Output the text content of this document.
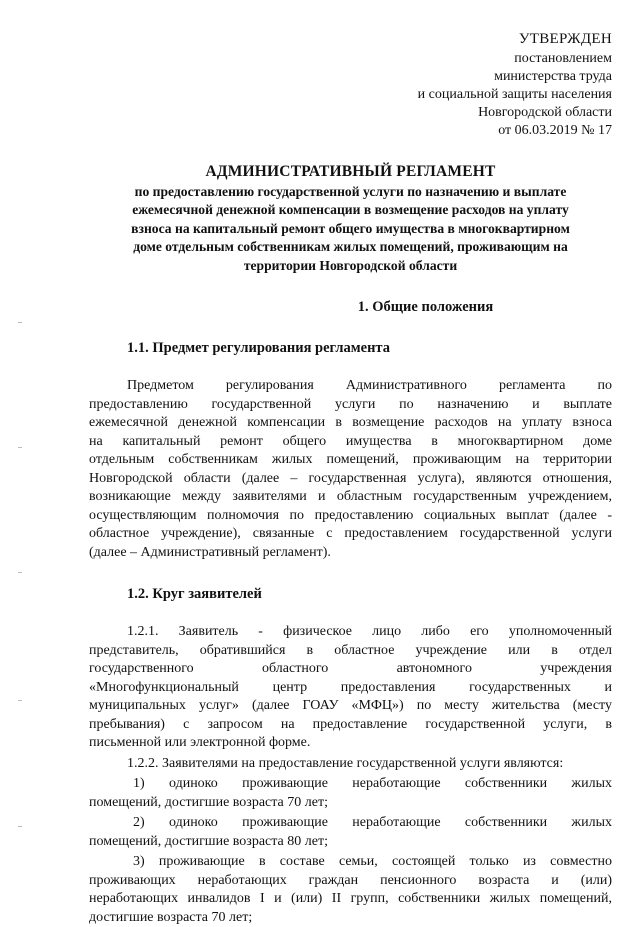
УТВЕРЖДЕН
постановлением
министерства труда
и социальной защиты населения
Новгородской области
от 06.03.2019 № 17
АДМИНИСТРАТИВНЫЙ РЕГЛАМЕНТ
по предоставлению государственной услуги по назначению и выплате
ежемесячной денежной компенсации в возмещение расходов на уплату
взноса на капитальный ремонт общего имущества в многоквартирном
доме отдельным собственникам жилых помещений, проживающим на
территории Новгородской области
1. Общие положения
1.1. Предмет регулирования регламента
Предметом регулирования Административного регламента по
предоставлению государственной услуги по назначению и выплате
ежемесячной денежной компенсации в возмещение расходов на уплату взноса
на капитальный ремонт общего имущества в многоквартирном доме
отдельным собственникам жилых помещений, проживающим на территории
Новгородской области (далее – государственная услуга), являются отношения,
возникающие между заявителями и областным государственным учреждением,
осуществляющим полномочия по предоставлению социальных выплат (далее -
областное учреждение), связанные с предоставлением государственной услуги
(далее – Административный регламент).
1.2. Круг заявителей
1.2.1. Заявитель - физическое лицо либо его уполномоченный
представитель, обратившийся в областное учреждение или в отдел
государственного областного автономного учреждения
«Многофункциональный центр предоставления государственных и
муниципальных услуг» (далее ГОАУ «МФЦ») по месту жительства (месту
пребывания) с запросом на предоставление государственной услуги, в
письменной или электронной форме.
1.2.2. Заявителями на предоставление государственной услуги являются:
1) одиноко проживающие неработающие собственники жилых
помещений, достигшие возраста 70 лет;
2) одиноко проживающие неработающие собственники жилых
помещений, достигшие возраста 80 лет;
3) проживающие в составе семьи, состоящей только из совместно
проживающих неработающих граждан пенсионного возраста и (или)
неработающих инвалидов I и (или) II групп, собственники жилых помещений,
достигшие возраста 70 лет;
